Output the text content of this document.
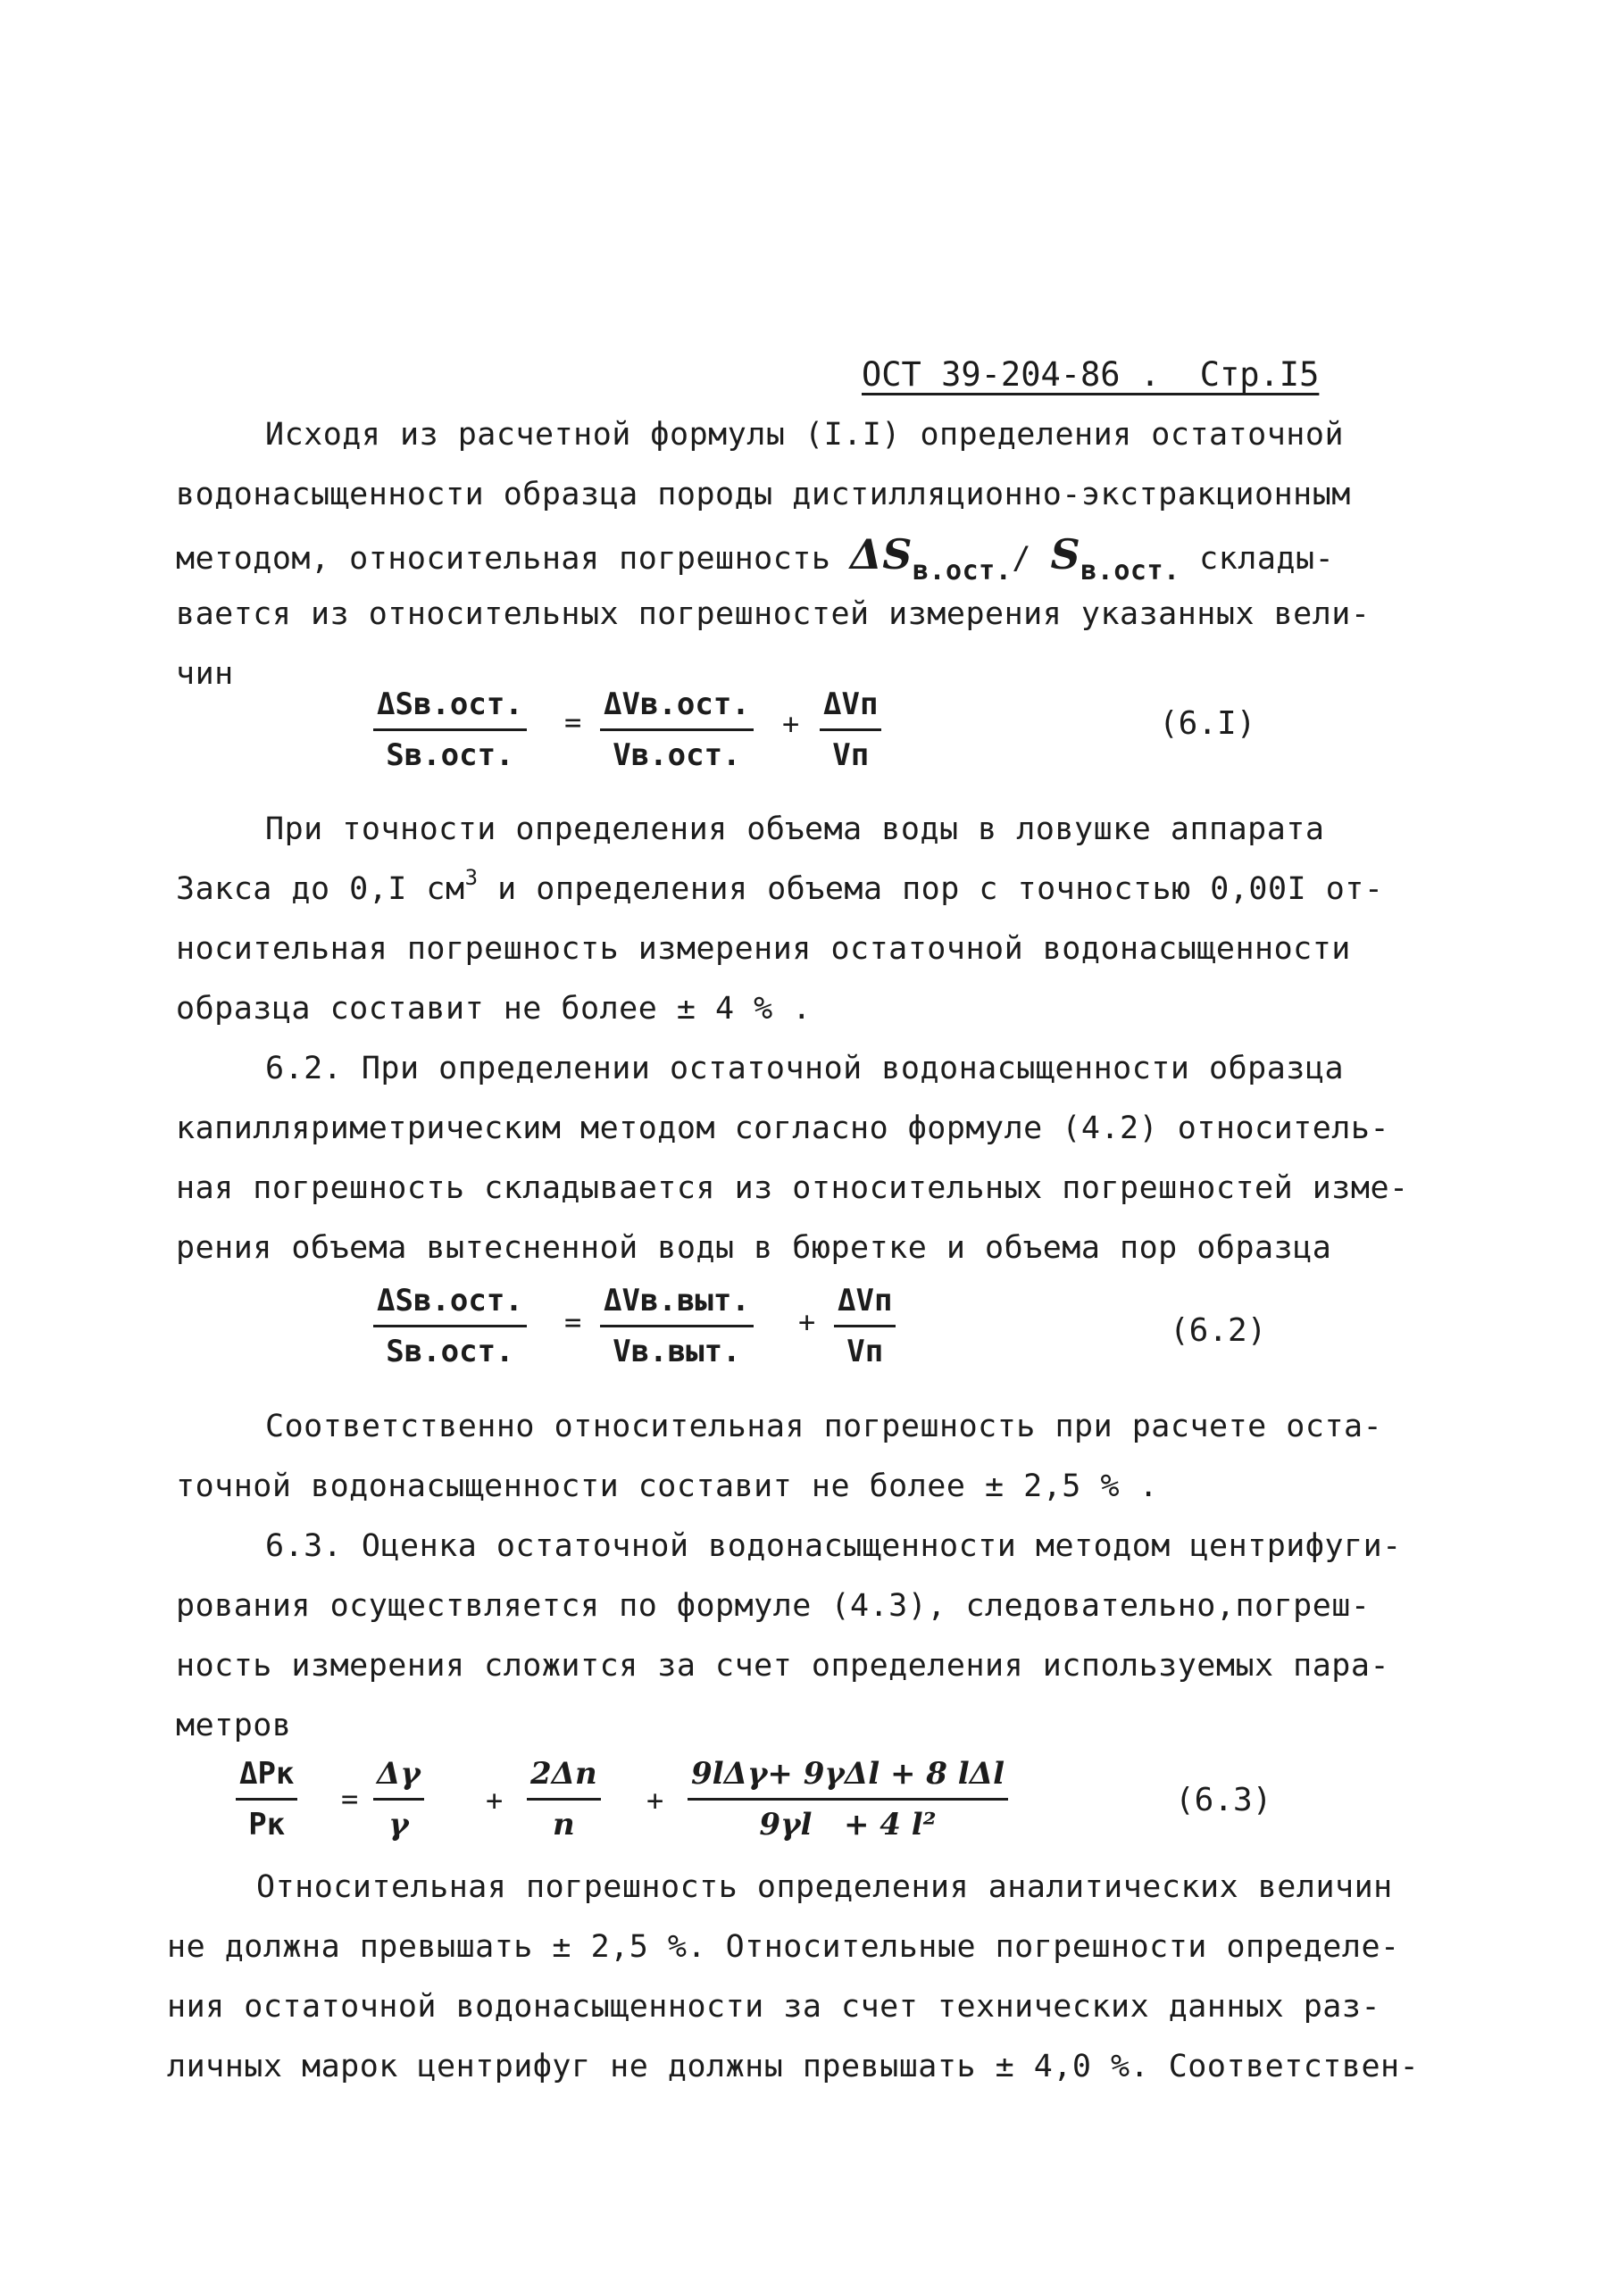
ОСТ 39-204-86 .  Стр.I5
Исходя из расчетной формулы (I.I) определения остаточной
водонасыщенности образца породы дистилляционно-экстракционным
методом, относительная погрешность ΔSв.ост./ Sв.ост. склады-
вается из относительных погрешностей измерения указанных вели-
чин
ΔSв.ост.
Sв.ост.
= ΔVв.ост.
Vв.ост.
+
ΔVп
Vп
(6.I)
При точности определения объема воды в ловушке аппарата
Закса до 0,I $см^3$ и определения объема пор с точностью 0,00I от-
носительная погрешность измерения остаточной водонасыщенности
образца составит не более ± 4 % .
6.2. При определении остаточной водонасыщенности образца
капилляриметрическим методом согласно формуле (4.2) относитель-
ная погрешность складывается из относительных погрешностей изме-
рения объема вытесненной воды в бюретке и объема пор образца
ΔSв.ост.
Sв.ост.
=
ΔVв.выт.
Vв.выт.
+
ΔVп
Vп
(6.2)
Соответственно относительная погрешность при расчете оста-
точной водонасыщенности составит не более ± 2,5 % .
6.3. Оценка остаточной водонасыщенности методом центрифуги-
рования осуществляется по формуле (4.3), следовательно,погреш-
ность измерения сложится за счет определения используемых пара-
метров
ΔPк
Pк
=
Δγ
γ
+
2Δn
n
+
9lΔγ+ 9γΔl + 8 lΔl
9γl   + 4 l²
(6.3)
Относительная погрешность определения аналитических величин
не должна превышать ± 2,5 %. Относительные погрешности определе-
ния остаточной водонасыщенности за счет технических данных раз-
личных марок центрифуг не должны превышать ± 4,0 %. Соответствен-
